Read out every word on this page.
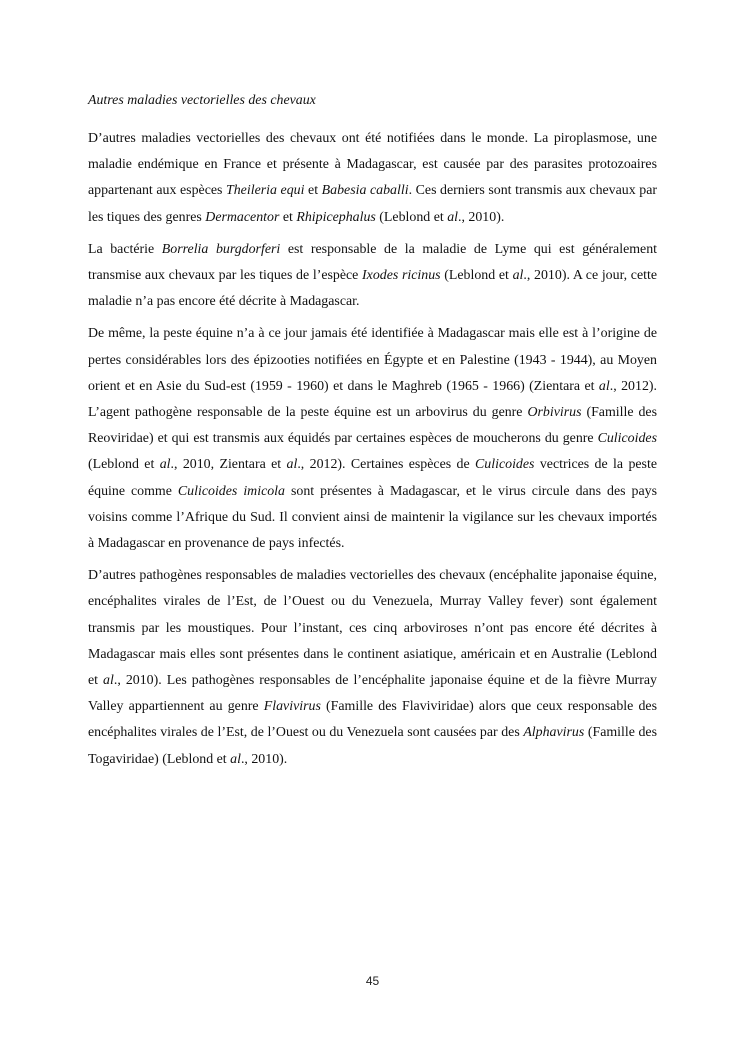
Autres maladies vectorielles des chevaux

D’autres maladies vectorielles des chevaux ont été notifiées dans le monde. La piroplasmose, une maladie endémique en France et présente à Madagascar, est causée par des parasites protozoaires appartenant aux espèces Theileria equi et Babesia caballi. Ces derniers sont transmis aux chevaux par les tiques des genres Dermacentor et Rhipicephalus (Leblond et al., 2010).

La bactérie Borrelia burgdorferi est responsable de la maladie de Lyme qui est généralement transmise aux chevaux par les tiques de l’espèce Ixodes ricinus (Leblond et al., 2010). A ce jour, cette maladie n’a pas encore été décrite à Madagascar.

De même, la peste équine n’a à ce jour jamais été identifiée à Madagascar mais elle est à l’origine de pertes considérables lors des épizooties notifiées en Égypte et en Palestine (1943 - 1944), au Moyen orient et en Asie du Sud-est (1959 - 1960) et dans le Maghreb (1965 - 1966) (Zientara et al., 2012). L’agent pathogène responsable de la peste équine est un arbovirus du genre Orbivirus (Famille des Reoviridae) et qui est transmis aux équidés par certaines espèces de moucherons du genre Culicoides (Leblond et al., 2010, Zientara et al., 2012). Certaines espèces de Culicoides vectrices de la peste équine comme Culicoides imicola sont présentes à Madagascar, et le virus circule dans des pays voisins comme l’Afrique du Sud. Il convient ainsi de maintenir la vigilance sur les chevaux importés à Madagascar en provenance de pays infectés.

D’autres pathogènes responsables de maladies vectorielles des chevaux (encéphalite japonaise équine, encéphalites virales de l’Est, de l’Ouest ou du Venezuela, Murray Valley fever) sont également transmis par les moustiques. Pour l’instant, ces cinq arboviroses n’ont pas encore été décrites à Madagascar mais elles sont présentes dans le continent asiatique, américain et en Australie (Leblond et al., 2010). Les pathogènes responsables de l’encéphalite japonaise équine et de la fièvre Murray Valley appartiennent au genre Flavivirus (Famille des Flaviviridae) alors que ceux responsable des encéphalites virales de l’Est, de l’Ouest ou du Venezuela sont causées par des Alphavirus (Famille des Togaviridae) (Leblond et al., 2010).

45
